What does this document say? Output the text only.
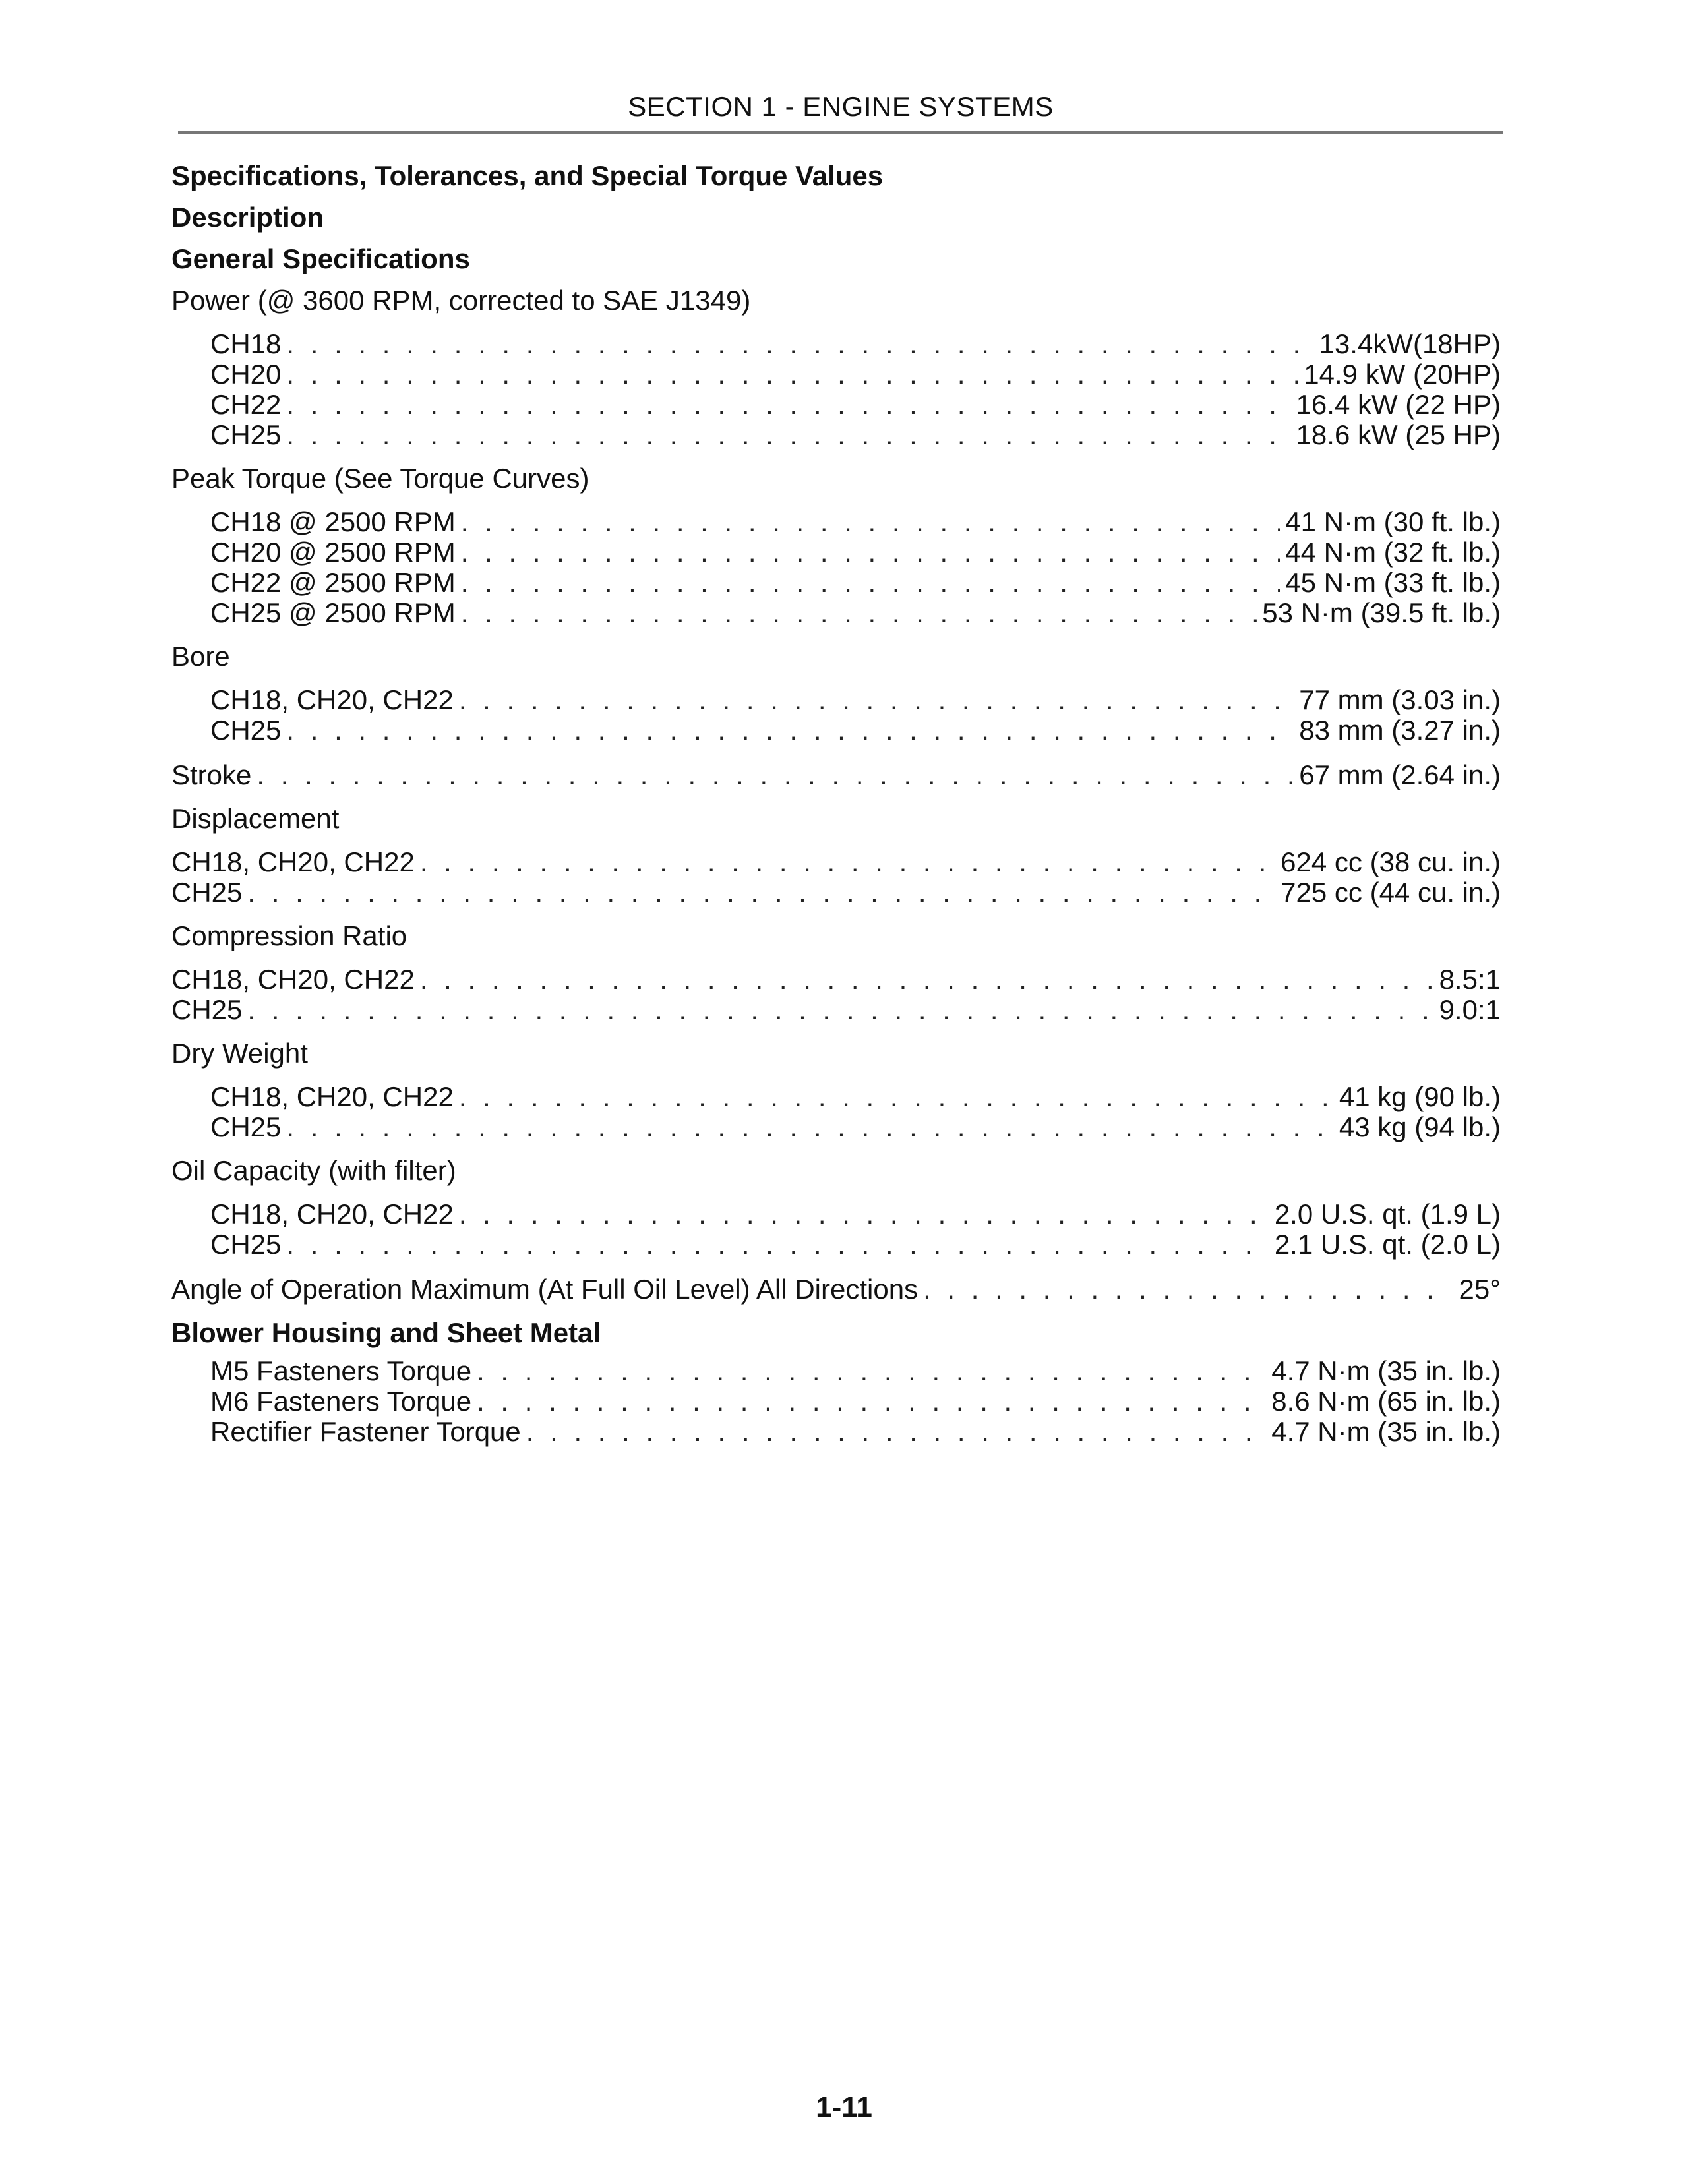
SECTION 1 - ENGINE SYSTEMS
Specifications, Tolerances, and Special Torque Values
Description
General Specifications
Power (@ 3600 RPM, corrected to SAE J1349)
CH18 . . .	13.4kW(18HP)
CH20 . . .	14.9 kW (20HP)
CH22 . . .	16.4 kW (22 HP)
CH25 . . .	18.6 kW (25 HP)
Peak Torque (See Torque Curves)
CH18 @ 2500 RPM . . .	41 N·m (30 ft. lb.)
CH20 @ 2500 RPM . . .	44 N·m (32 ft. lb.)
CH22 @ 2500 RPM . . .	45 N·m (33 ft. lb.)
CH25 @ 2500 RPM . . .	53 N·m (39.5 ft. lb.)
Bore
CH18, CH20, CH22 . . .	77 mm (3.03 in.)
CH25 . . .	83 mm (3.27 in.)
Stroke . . .	67 mm (2.64 in.)
Displacement
CH18, CH20, CH22 . . .	624 cc (38 cu. in.)
CH25 . . .	725 cc (44 cu. in.)
Compression Ratio
CH18, CH20, CH22 . . .	8.5:1
CH25 . . .	9.0:1
Dry Weight
CH18, CH20, CH22 . . .	41 kg (90 lb.)
CH25 . . .	43 kg (94 lb.)
Oil Capacity (with filter)
CH18, CH20, CH22 . . .	2.0 U.S. qt. (1.9 L)
CH25 . . .	2.1 U.S. qt. (2.0 L)
Angle of Operation Maximum (At Full Oil Level) All Directions . . .	25°
Blower Housing and Sheet Metal
M5 Fasteners Torque . . .	4.7 N·m (35 in. lb.)
M6 Fasteners Torque . . .	8.6 N·m (65 in. lb.)
Rectifier Fastener Torque . . .	4.7 N·m (35 in. lb.)
1-11
